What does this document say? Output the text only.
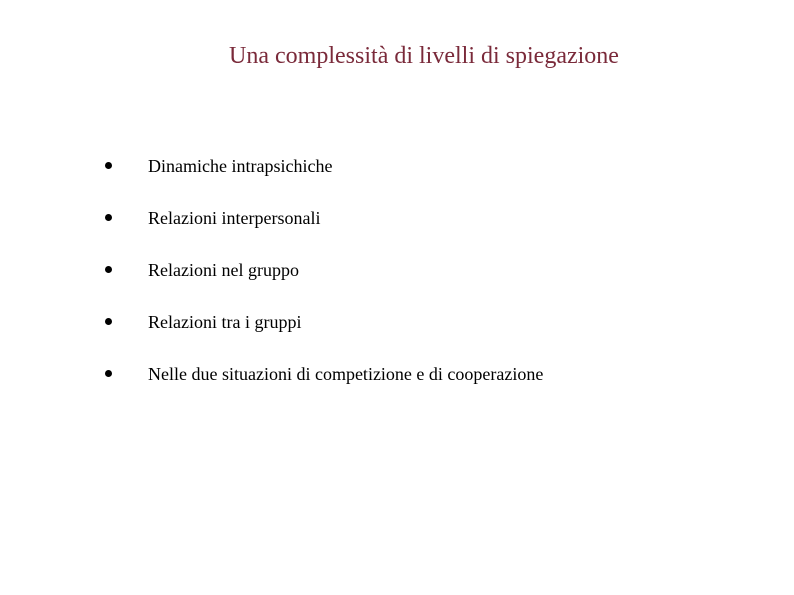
Una complessità di livelli di spiegazione
Dinamiche intrapsichiche
Relazioni interpersonali
Relazioni nel gruppo
Relazioni tra i gruppi
Nelle due situazioni di competizione e di cooperazione
